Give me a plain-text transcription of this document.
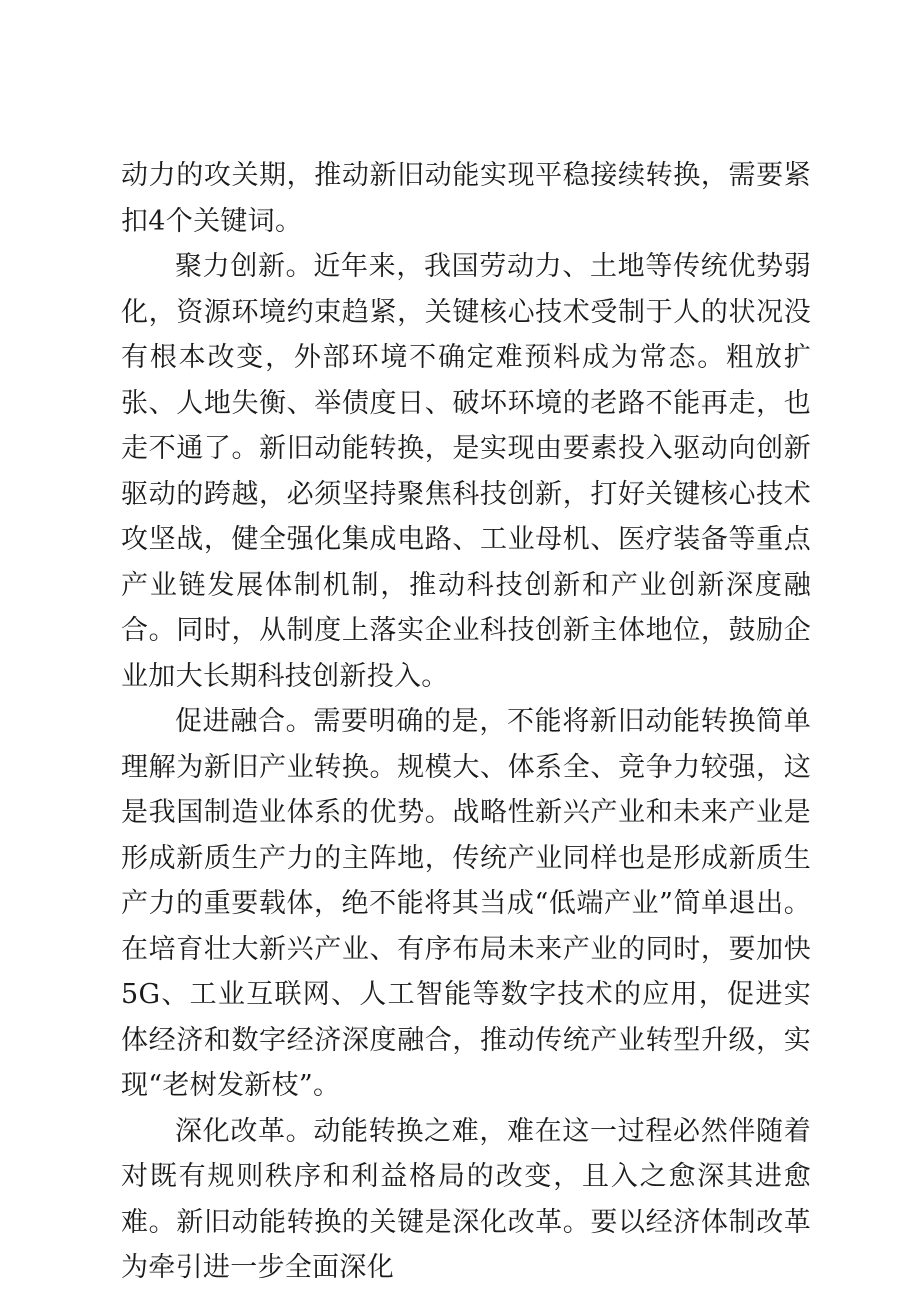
动力的攻关期，推动新旧动能实现平稳接续转换，需要紧扣4个关键词。

聚力创新。近年来，我国劳动力、土地等传统优势弱化，资源环境约束趋紧，关键核心技术受制于人的状况没有根本改变，外部环境不确定难预料成为常态。粗放扩张、人地失衡、举债度日、破坏环境的老路不能再走，也走不通了。新旧动能转换，是实现由要素投入驱动向创新驱动的跨越，必须坚持聚焦科技创新，打好关键核心技术攻坚战，健全强化集成电路、工业母机、医疗装备等重点产业链发展体制机制，推动科技创新和产业创新深度融合。同时，从制度上落实企业科技创新主体地位，鼓励企业加大长期科技创新投入。

促进融合。需要明确的是，不能将新旧动能转换简单理解为新旧产业转换。规模大、体系全、竞争力较强，这是我国制造业体系的优势。战略性新兴产业和未来产业是形成新质生产力的主阵地，传统产业同样也是形成新质生产力的重要载体，绝不能将其当成“低端产业”简单退出。在培育壮大新兴产业、有序布局未来产业的同时，要加快5G、工业互联网、人工智能等数字技术的应用，促进实体经济和数字经济深度融合，推动传统产业转型升级，实现“老树发新枝”。

深化改革。动能转换之难，难在这一过程必然伴随着对既有规则秩序和利益格局的改变，且入之愈深其进愈难。新旧动能转换的关键是深化改革。要以经济体制改革为牵引进一步全面深化
